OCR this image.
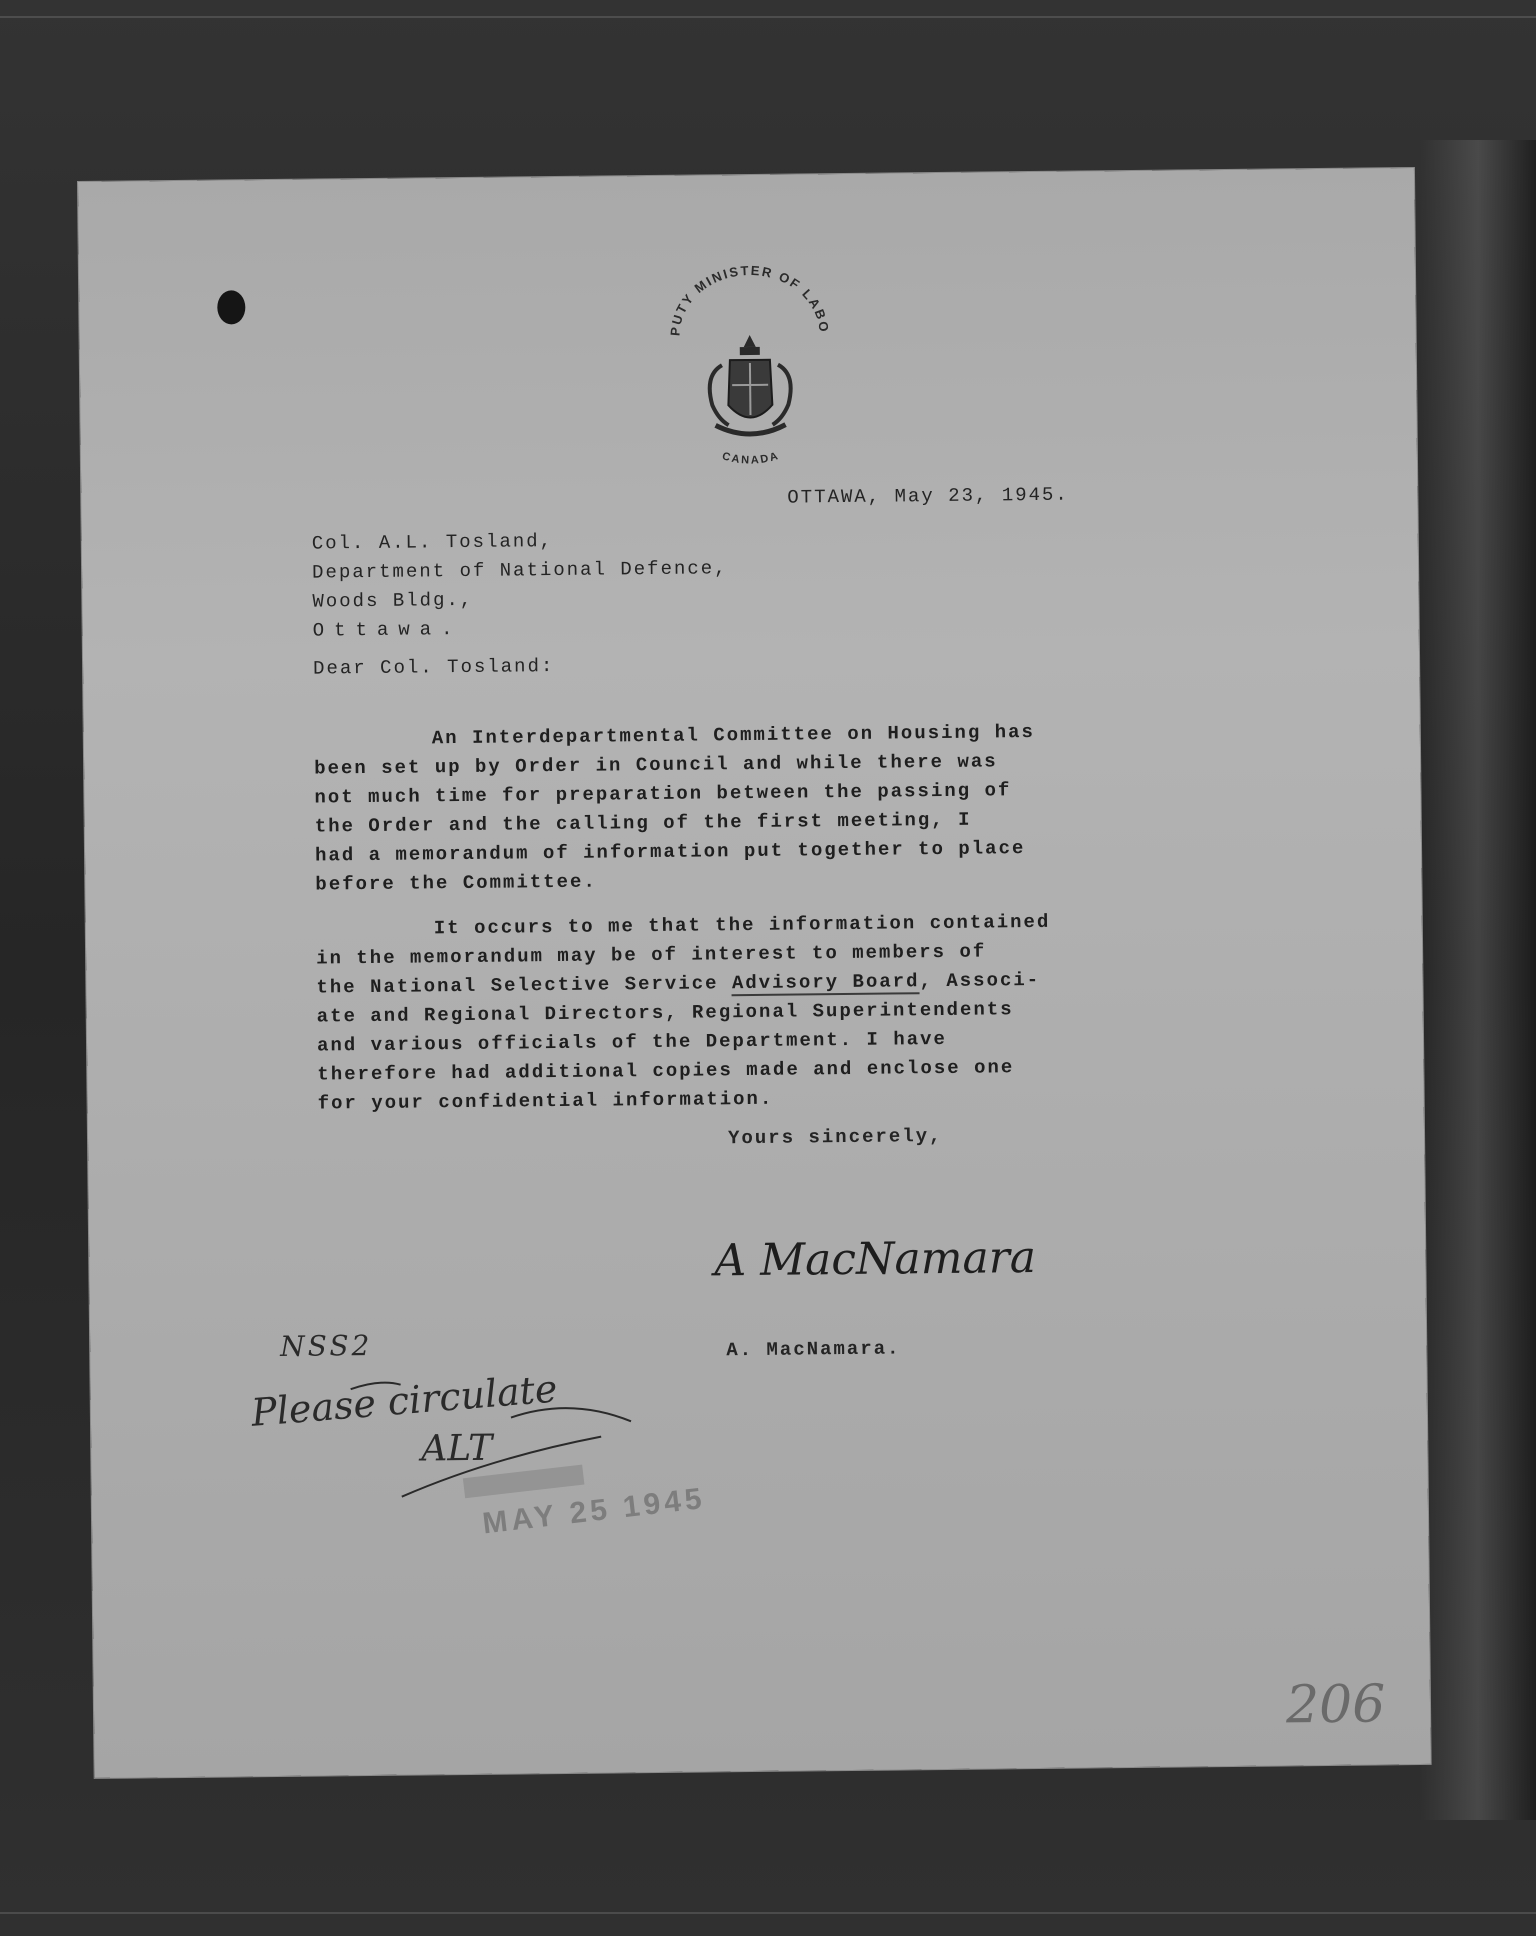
DEPUTY MINISTER OF LABOUR
CANADA
OTTAWA, May 23, 1945.
Col. A.L. Tosland,
Department of National Defence,
Woods Bldg.,
Ottawa.
Dear Col. Tosland:
An Interdepartmental Committee on Housing has
been set up by Order in Council and while there was
not much time for preparation between the passing of
the Order and the calling of the first meeting, I
had a memorandum of information put together to place
before the Committee.
It occurs to me that the information contained
in the memorandum may be of interest to members of
the National Selective Service Advisory Board, Associ-
ate and Regional Directors, Regional Superintendents
and various officials of the Department. I have
therefore had additional copies made and enclose one
for your confidential information.
Yours sincerely,
A MacNamara
A. MacNamara.
NSS2
Please circulate
ALT
MAY 25 1945
206
